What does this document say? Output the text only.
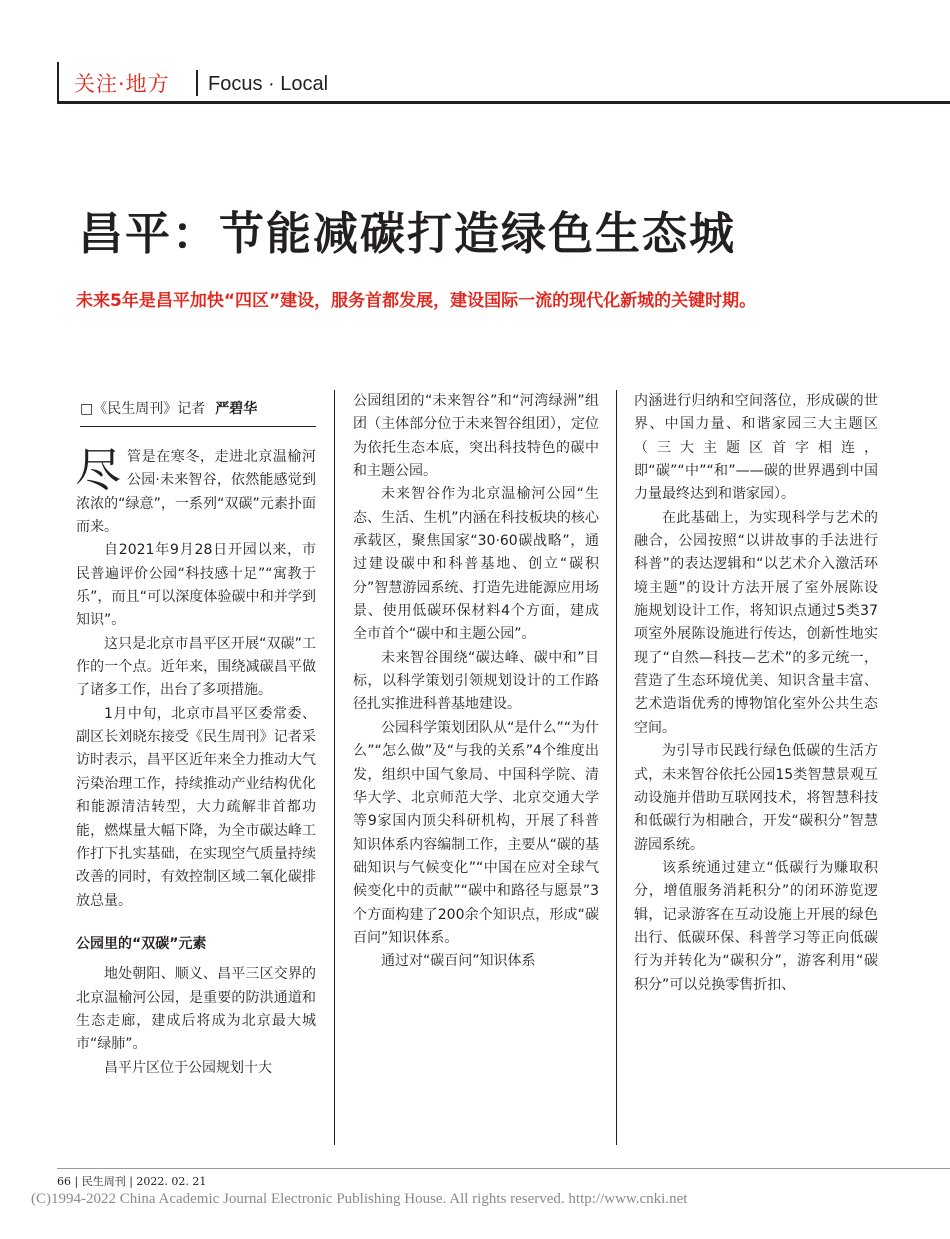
关注·地方 Focus · Local
昌平：节能减碳打造绿色生态城
未来5年是昌平加快“四区”建设，服务首都发展，建设国际一流的现代化新城的关键时期。
□《民生周刊》记者 严碧华

尽管是在寒冬，走进北京温榆河公园·未来智谷，依然能感觉到浓浓的“绿意”，一系列“双碳”元素扑面而来。

自2021年9月28日开园以来，市民普遍评价公园“科技感十足”“寓教于乐”，而且“可以深度体验碳中和并学到知识”。

这只是北京市昌平区开展“双碳”工作的一个点。近年来，围绕减碳昌平做了诸多工作，出台了多项措施。

1月中旬，北京市昌平区委常委、副区长刘晓东接受《民生周刊》记者采访时表示，昌平区近年来全力推动大气污染治理工作，持续推动产业结构优化和能源清洁转型，大力疏解非首都功能，燃煤量大幅下降，为全市碳达峰工作打下扎实基础，在实现空气质量持续改善的同时，有效控制区域二氧化碳排放总量。

公园里的“双碳”元素

地处朝阳、顺义、昌平三区交界的北京温榆河公园，是重要的防洪通道和生态走廊，建成后将成为北京最大城市“绿肺”。

昌平片区位于公园规划十大

公园组团的“未来智谷”和“河湾绿洲”组团（主体部分位于未来智谷组团），定位为依托生态本底，突出科技特色的碳中和主题公园。

未来智谷作为北京温榆河公园“生态、生活、生机”内涵在科技板块的核心承载区，聚焦国家“30·60碳战略”，通过建设碳中和科普基地、创立“碳积分”智慧游园系统、打造先进能源应用场景、使用低碳环保材料4个方面，建成全市首个“碳中和主题公园”。

未来智谷围绕“碳达峰、碳中和”目标，以科学策划引领规划设计的工作路径扎实推进科普基地建设。

公园科学策划团队从“是什么”“为什么”“怎么做”及“与我的关系”4个维度出发，组织中国气象局、中国科学院、清华大学、北京师范大学、北京交通大学等9家国内顶尖科研机构，开展了科普知识体系内容编制工作，主要从“碳的基础知识与气候变化”“中国在应对全球气候变化中的贡献”“碳中和路径与愿景”3个方面构建了200余个知识点，形成“碳百问”知识体系。

通过对“碳百问”知识体系

内涵进行归纳和空间落位，形成碳的世界、中国力量、和谐家园三大主题区（三大主题区首字相连，即“碳”“中”“和”——碳的世界遇到中国力量最终达到和谐家园）。

在此基础上，为实现科学与艺术的融合，公园按照“以讲故事的手法进行科普”的表达逻辑和“以艺术介入激活环境主题”的设计方法开展了室外展陈设施规划设计工作，将知识点通过5类37项室外展陈设施进行传达，创新性地实现了“自然—科技—艺术”的多元统一，营造了生态环境优美、知识含量丰富、艺术造诣优秀的博物馆化室外公共生态空间。

为引导市民践行绿色低碳的生活方式，未来智谷依托公园15类智慧景观互动设施并借助互联网技术，将智慧科技和低碳行为相融合，开发“碳积分”智慧游园系统。

该系统通过建立“低碳行为赚取积分，增值服务消耗积分”的闭环游览逻辑，记录游客在互动设施上开展的绿色出行、低碳环保、科普学习等正向低碳行为并转化为“碳积分”，游客利用“碳积分”可以兑换零售折扣、

66 | 民生周刊 | 2022. 02. 21
(C)1994-2022 China Academic Journal Electronic Publishing House. All rights reserved. http://www.cnki.net
